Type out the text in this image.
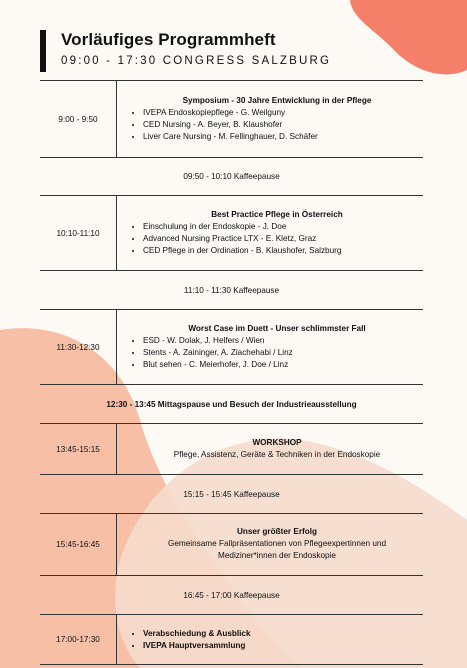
Vorläufiges Programmheft
09:00 - 17:30 CONGRESS SALZBURG
9:00 - 9:50
Symposium - 30 Jahre Entwicklung in der Pflege
• IVEPA Endoskopiepflege - G. Weilguny
• CED Nursing - A. Beyer, B. Klaushofer
• Liver Care Nursing - M. Fellinghauer, D. Schäfer
09:50 - 10:10 Kaffeepause
10:10-11:10
Best Practice Pflege in Österreich
• Einschulung in der Endoskopie - J. Doe
• Advanced Nursing Practice LTX - E. Kletz, Graz
• CED Pflege in der Ordination - B. Klaushofer, Salzburg
11:10 - 11:30 Kaffeepause
11:30-12:30
Worst Case im Duett - Unser schlimmster Fall
• ESD - W. Dolak, J. Helfers / Wien
• Stents - A. Zaininger, A. Ziachehabi / Linz
• Blut sehen - C. Meierhofer, J. Doe / Linz
12:30 - 13:45 Mittagspause und Besuch der Industrieausstellung
13:45-15:15
WORKSHOP
Pflege, Assistenz, Geräte & Techniken in der Endoskopie
15:15 - 15:45 Kaffeepause
15:45-16:45
Unser größter Erfolg
Gemeinsame Fallpräsentationen von Pflegeexpertinnen und
Mediziner*innen der Endoskopie
16:45 - 17:00 Kaffeepause
17:00-17:30
• Verabschiedung & Ausblick
• IVEPA Hauptversammlung
